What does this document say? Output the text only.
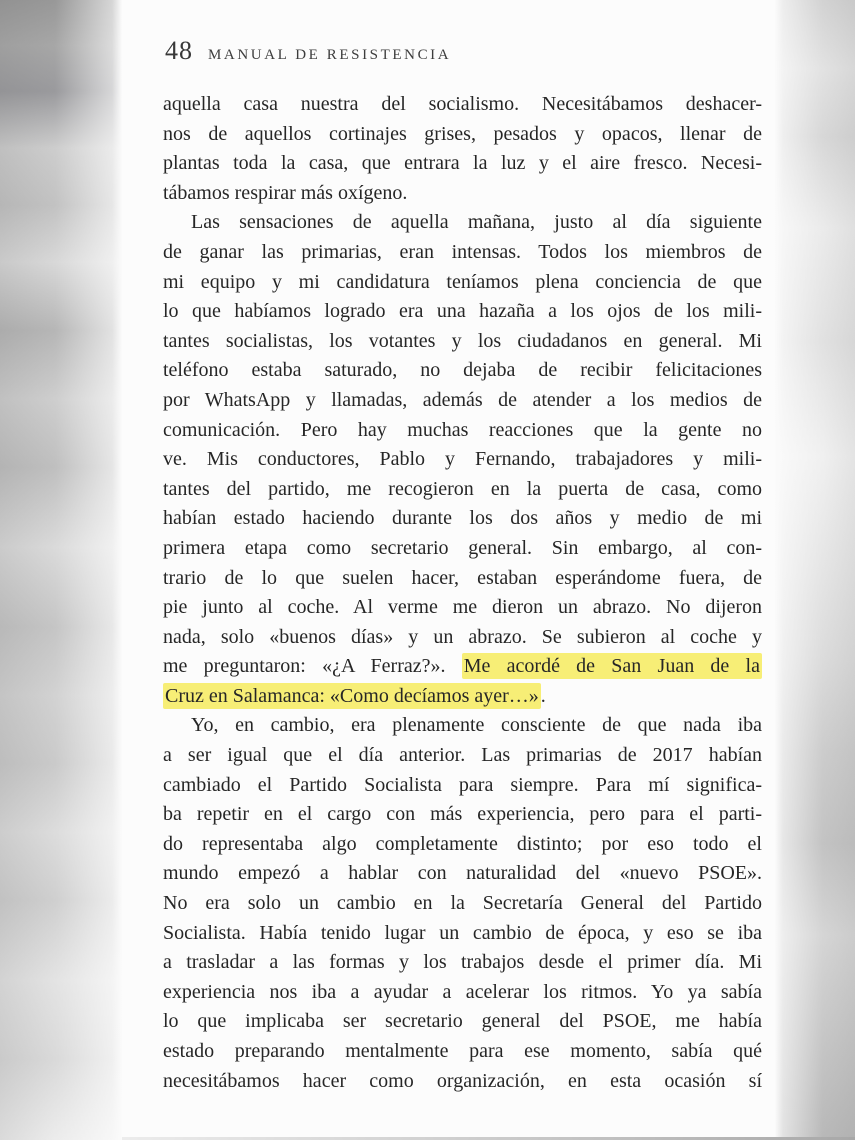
48 MANUAL DE RESISTENCIA
aquella casa nuestra del socialismo. Necesitábamos deshacer-
nos de aquellos cortinajes grises, pesados y opacos, llenar de
plantas toda la casa, que entrara la luz y el aire fresco. Necesi-
tábamos respirar más oxígeno.
Las sensaciones de aquella mañana, justo al día siguiente
de ganar las primarias, eran intensas. Todos los miembros de
mi equipo y mi candidatura teníamos plena conciencia de que
lo que habíamos logrado era una hazaña a los ojos de los mili-
tantes socialistas, los votantes y los ciudadanos en general. Mi
teléfono estaba saturado, no dejaba de recibir felicitaciones
por WhatsApp y llamadas, además de atender a los medios de
comunicación. Pero hay muchas reacciones que la gente no
ve. Mis conductores, Pablo y Fernando, trabajadores y mili-
tantes del partido, me recogieron en la puerta de casa, como
habían estado haciendo durante los dos años y medio de mi
primera etapa como secretario general. Sin embargo, al con-
trario de lo que suelen hacer, estaban esperándome fuera, de
pie junto al coche. Al verme me dieron un abrazo. No dijeron
nada, solo «buenos días» y un abrazo. Se subieron al coche y
me preguntaron: «¿A Ferraz?». Me acordé de San Juan de la
Cruz en Salamanca: «Como decíamos ayer…» .
Yo, en cambio, era plenamente consciente de que nada iba
a ser igual que el día anterior. Las primarias de 2017 habían
cambiado el Partido Socialista para siempre. Para mí significa-
ba repetir en el cargo con más experiencia, pero para el parti-
do representaba algo completamente distinto; por eso todo el
mundo empezó a hablar con naturalidad del «nuevo PSOE».
No era solo un cambio en la Secretaría General del Partido
Socialista. Había tenido lugar un cambio de época, y eso se iba
a trasladar a las formas y los trabajos desde el primer día. Mi
experiencia nos iba a ayudar a acelerar los ritmos. Yo ya sabía
lo que implicaba ser secretario general del PSOE, me había
estado preparando mentalmente para ese momento, sabía qué
necesitábamos hacer como organización, en esta ocasión sí
